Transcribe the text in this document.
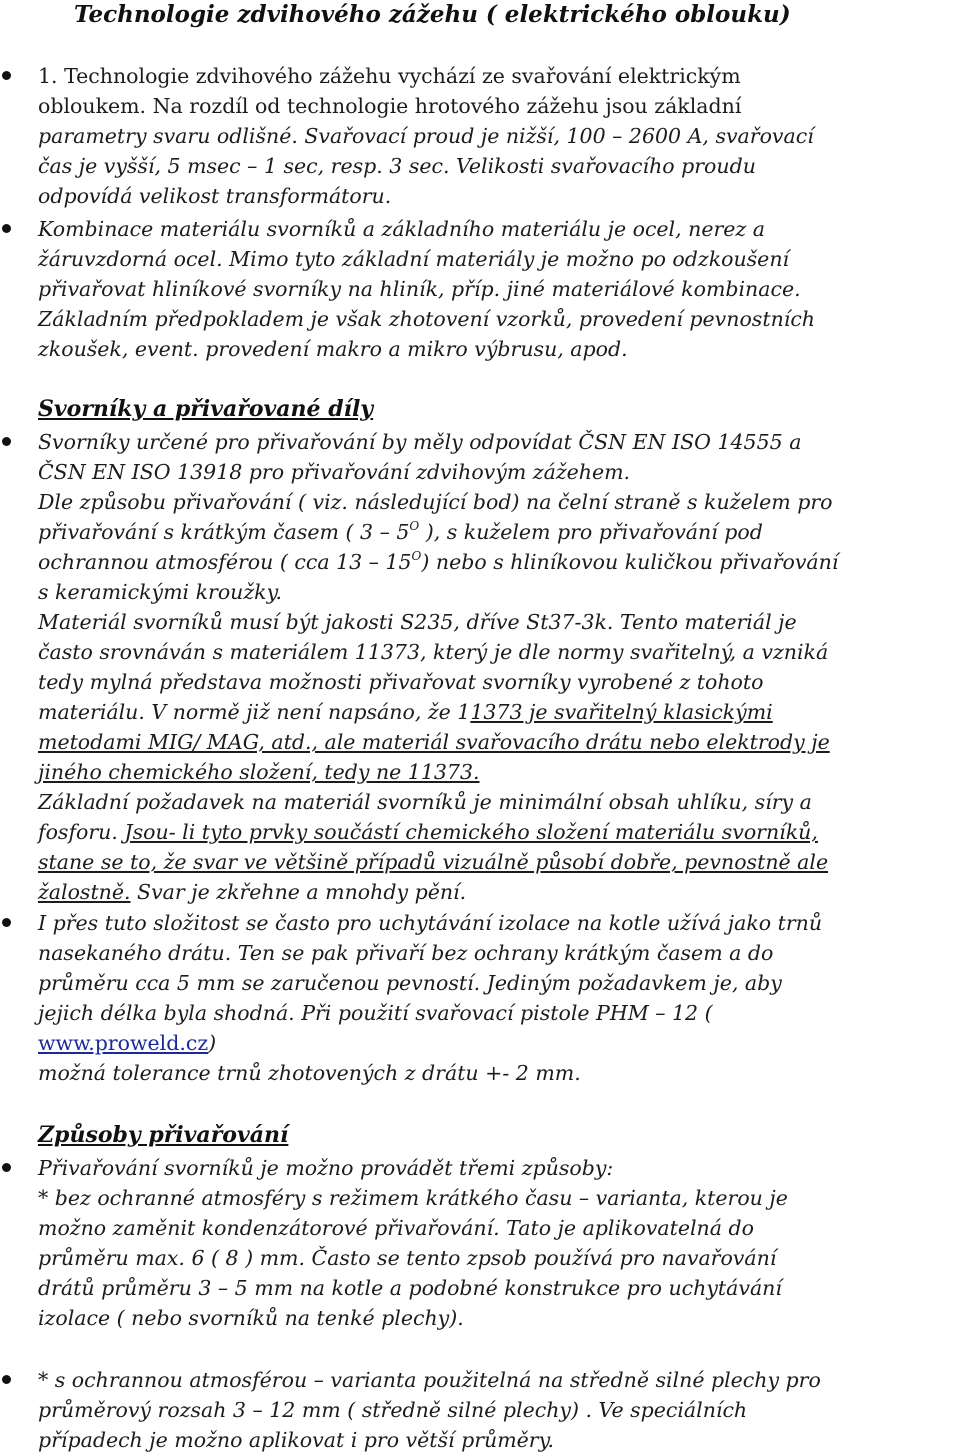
Technologie zdvihového zážehu ( elektrického oblouku)
1. Technologie zdvihového zážehu vychází ze svařování elektrickým
obloukem. Na rozdíl od technologie hrotového zážehu jsou základní
parametry svaru odlišné. Svařovací proud je nižší, 100 – 2600 A, svařovací
čas je vyšší, 5 msec – 1 sec, resp. 3 sec. Velikosti svařovacího proudu
odpovídá velikost transformátoru.
Kombinace materiálu svorníků a základního materiálu je ocel, nerez a
žáruvzdorná ocel. Mimo tyto základní materiály je možno po odzkoušení
přivařovat hliníkové svorníky na hliník, příp. jiné materiálové kombinace.
Základním předpokladem je však zhotovení vzorků, provedení pevnostních
zkoušek, event. provedení makro a mikro výbrusu, apod.
Svorníky a přivařované díly
Svorníky určené pro přivařování by měly odpovídat ČSN EN ISO 14555 a
ČSN EN ISO 13918 pro přivařování zdvihovým zážehem.
Dle způsobu přivařování ( viz. následující bod) na čelní straně s kuželem pro
přivařování s krátkým časem ( $3 - 5^O$ ), s kuželem pro přivařování pod
ochrannou atmosférou ( cca $13 - 15^O$) nebo s hliníkovou kuličkou přivařování
s keramickými kroužky.
Materiál svorníků musí být jakosti S235, dříve St37-3k. Tento materiál je
často srovnáván s materiálem 11373, který je dle normy svařitelný, a vzniká
tedy mylná představa možnosti přivařovat svorníky vyrobené z tohoto
materiálu. V normě již není napsáno, že 11373 je svařitelný klasickými
metodami MIG/ MAG, atd., ale materiál svařovacího drátu nebo elektrody je
jiného chemického složení, tedy ne 11373.
Základní požadavek na materiál svorníků je minimální obsah uhlíku, síry a
fosforu. Jsou- li tyto prvky součástí chemického složení materiálu svorníků,
stane se to, že svar ve většině případů vizuálně působí dobře, pevnostně ale
žalostně. Svar je zkřehne a mnohdy pění.
I přes tuto složitost se často pro uchytávání izolace na kotle užívá jako trnů
nasekaného drátu. Ten se pak přivaří bez ochrany krátkým časem a do
průměru cca 5 mm se zaručenou pevností. Jediným požadavkem je, aby
jejich délka byla shodná. Při použití svařovací pistole PHM – 12 (
www.proweld.cz)
možná tolerance trnů zhotovených z drátu +- 2 mm.
Způsoby přivařování
Přivařování svorníků je možno provádět třemi způsoby:
* bez ochranné atmosféry s režimem krátkého času – varianta, kterou je
možno zaměnit kondenzátorové přivařování. Tato je aplikovatelná do
průměru max. 6 ( 8 ) mm. Často se tento zpsob používá pro navařování
drátů průměru 3 – 5 mm na kotle a podobné konstrukce pro uchytávání
izolace ( nebo svorníků na tenké plechy).
* s ochrannou atmosférou – varianta použitelná na středně silné plechy pro
průměrový rozsah 3 – 12 mm ( středně silné plechy) . Ve speciálních
případech je možno aplikovat i pro větší průměry.
